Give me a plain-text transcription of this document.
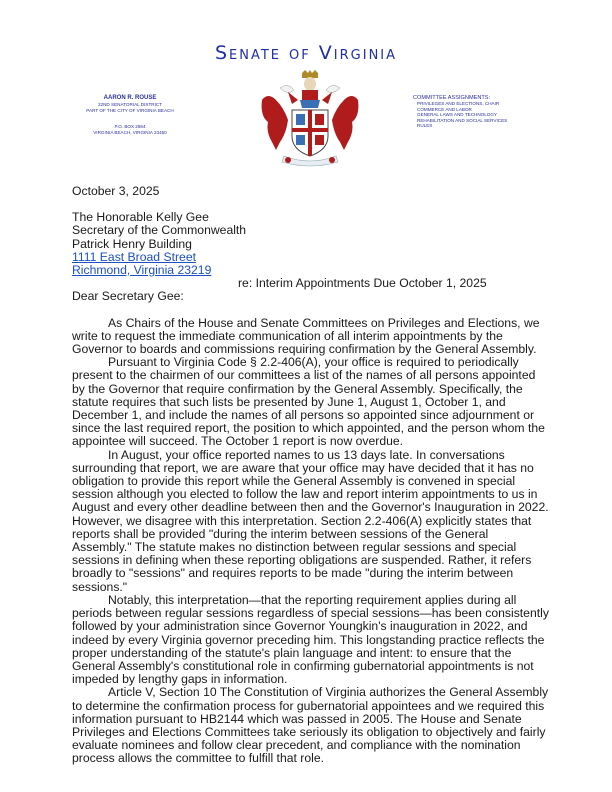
Senate of Virginia
AARON R. ROUSE
22ND SENATORIAL DISTRICT
PART OF THE CITY OF VIRGINIA BEACH
P.O. BOX 2864
VIRGINIA BEACH, VIRGINIA 23450
COMMITTEE ASSIGNMENTS:
PRIVILEGES AND ELECTIONS, CHAIR
COMMERCE AND LABOR
GENERAL LAWS AND TECHNOLOGY
REHABILITATION AND SOCIAL SERVICES
RULES

October 3, 2025

The Honorable Kelly Gee

Secretary of the Commonwealth

Patrick Henry Building

1111 East Broad Street

Richmond, Virginia 23219

re: Interim Appointments Due October 1, 2025

Dear Secretary Gee:

As Chairs of the House and Senate Committees on Privileges and Elections, we write to request the immediate communication of all interim appointments by the Governor to boards and commissions requiring confirmation by the General Assembly.

Pursuant to Virginia Code § 2.2-406(A), your office is required to periodically present to the chairmen of our committees a list of the names of all persons appointed by the Governor that require confirmation by the General Assembly. Specifically, the statute requires that such lists be presented by June 1, August 1, October 1, and December 1, and include the names of all persons so appointed since adjournment or since the last required report, the position to which appointed, and the person whom the appointee will succeed. The October 1 report is now overdue.

In August, your office reported names to us 13 days late. In conversations surrounding that report, we are aware that your office may have decided that it has no obligation to provide this report while the General Assembly is convened in special session although you elected to follow the law and report interim appointments to us in August and every other deadline between then and the Governor's Inauguration in 2022. However, we disagree with this interpretation. Section 2.2-406(A) explicitly states that reports shall be provided "during the interim between sessions of the General Assembly." The statute makes no distinction between regular sessions and special sessions in defining when these reporting obligations are suspended. Rather, it refers broadly to "sessions" and requires reports to be made "during the interim between sessions."

Notably, this interpretation—that the reporting requirement applies during all periods between regular sessions regardless of special sessions—has been consistently followed by your administration since Governor Youngkin's inauguration in 2022, and indeed by every Virginia governor preceding him. This longstanding practice reflects the proper understanding of the statute's plain language and intent: to ensure that the General Assembly's constitutional role in confirming gubernatorial appointments is not impeded by lengthy gaps in information.

Article V, Section 10 The Constitution of Virginia authorizes the General Assembly to determine the confirmation process for gubernatorial appointees and we required this information pursuant to HB2144 which was passed in 2005. The House and Senate Privileges and Elections Committees take seriously its obligation to objectively and fairly evaluate nominees and follow clear precedent, and compliance with the nomination process allows the committee to fulfill that role.
